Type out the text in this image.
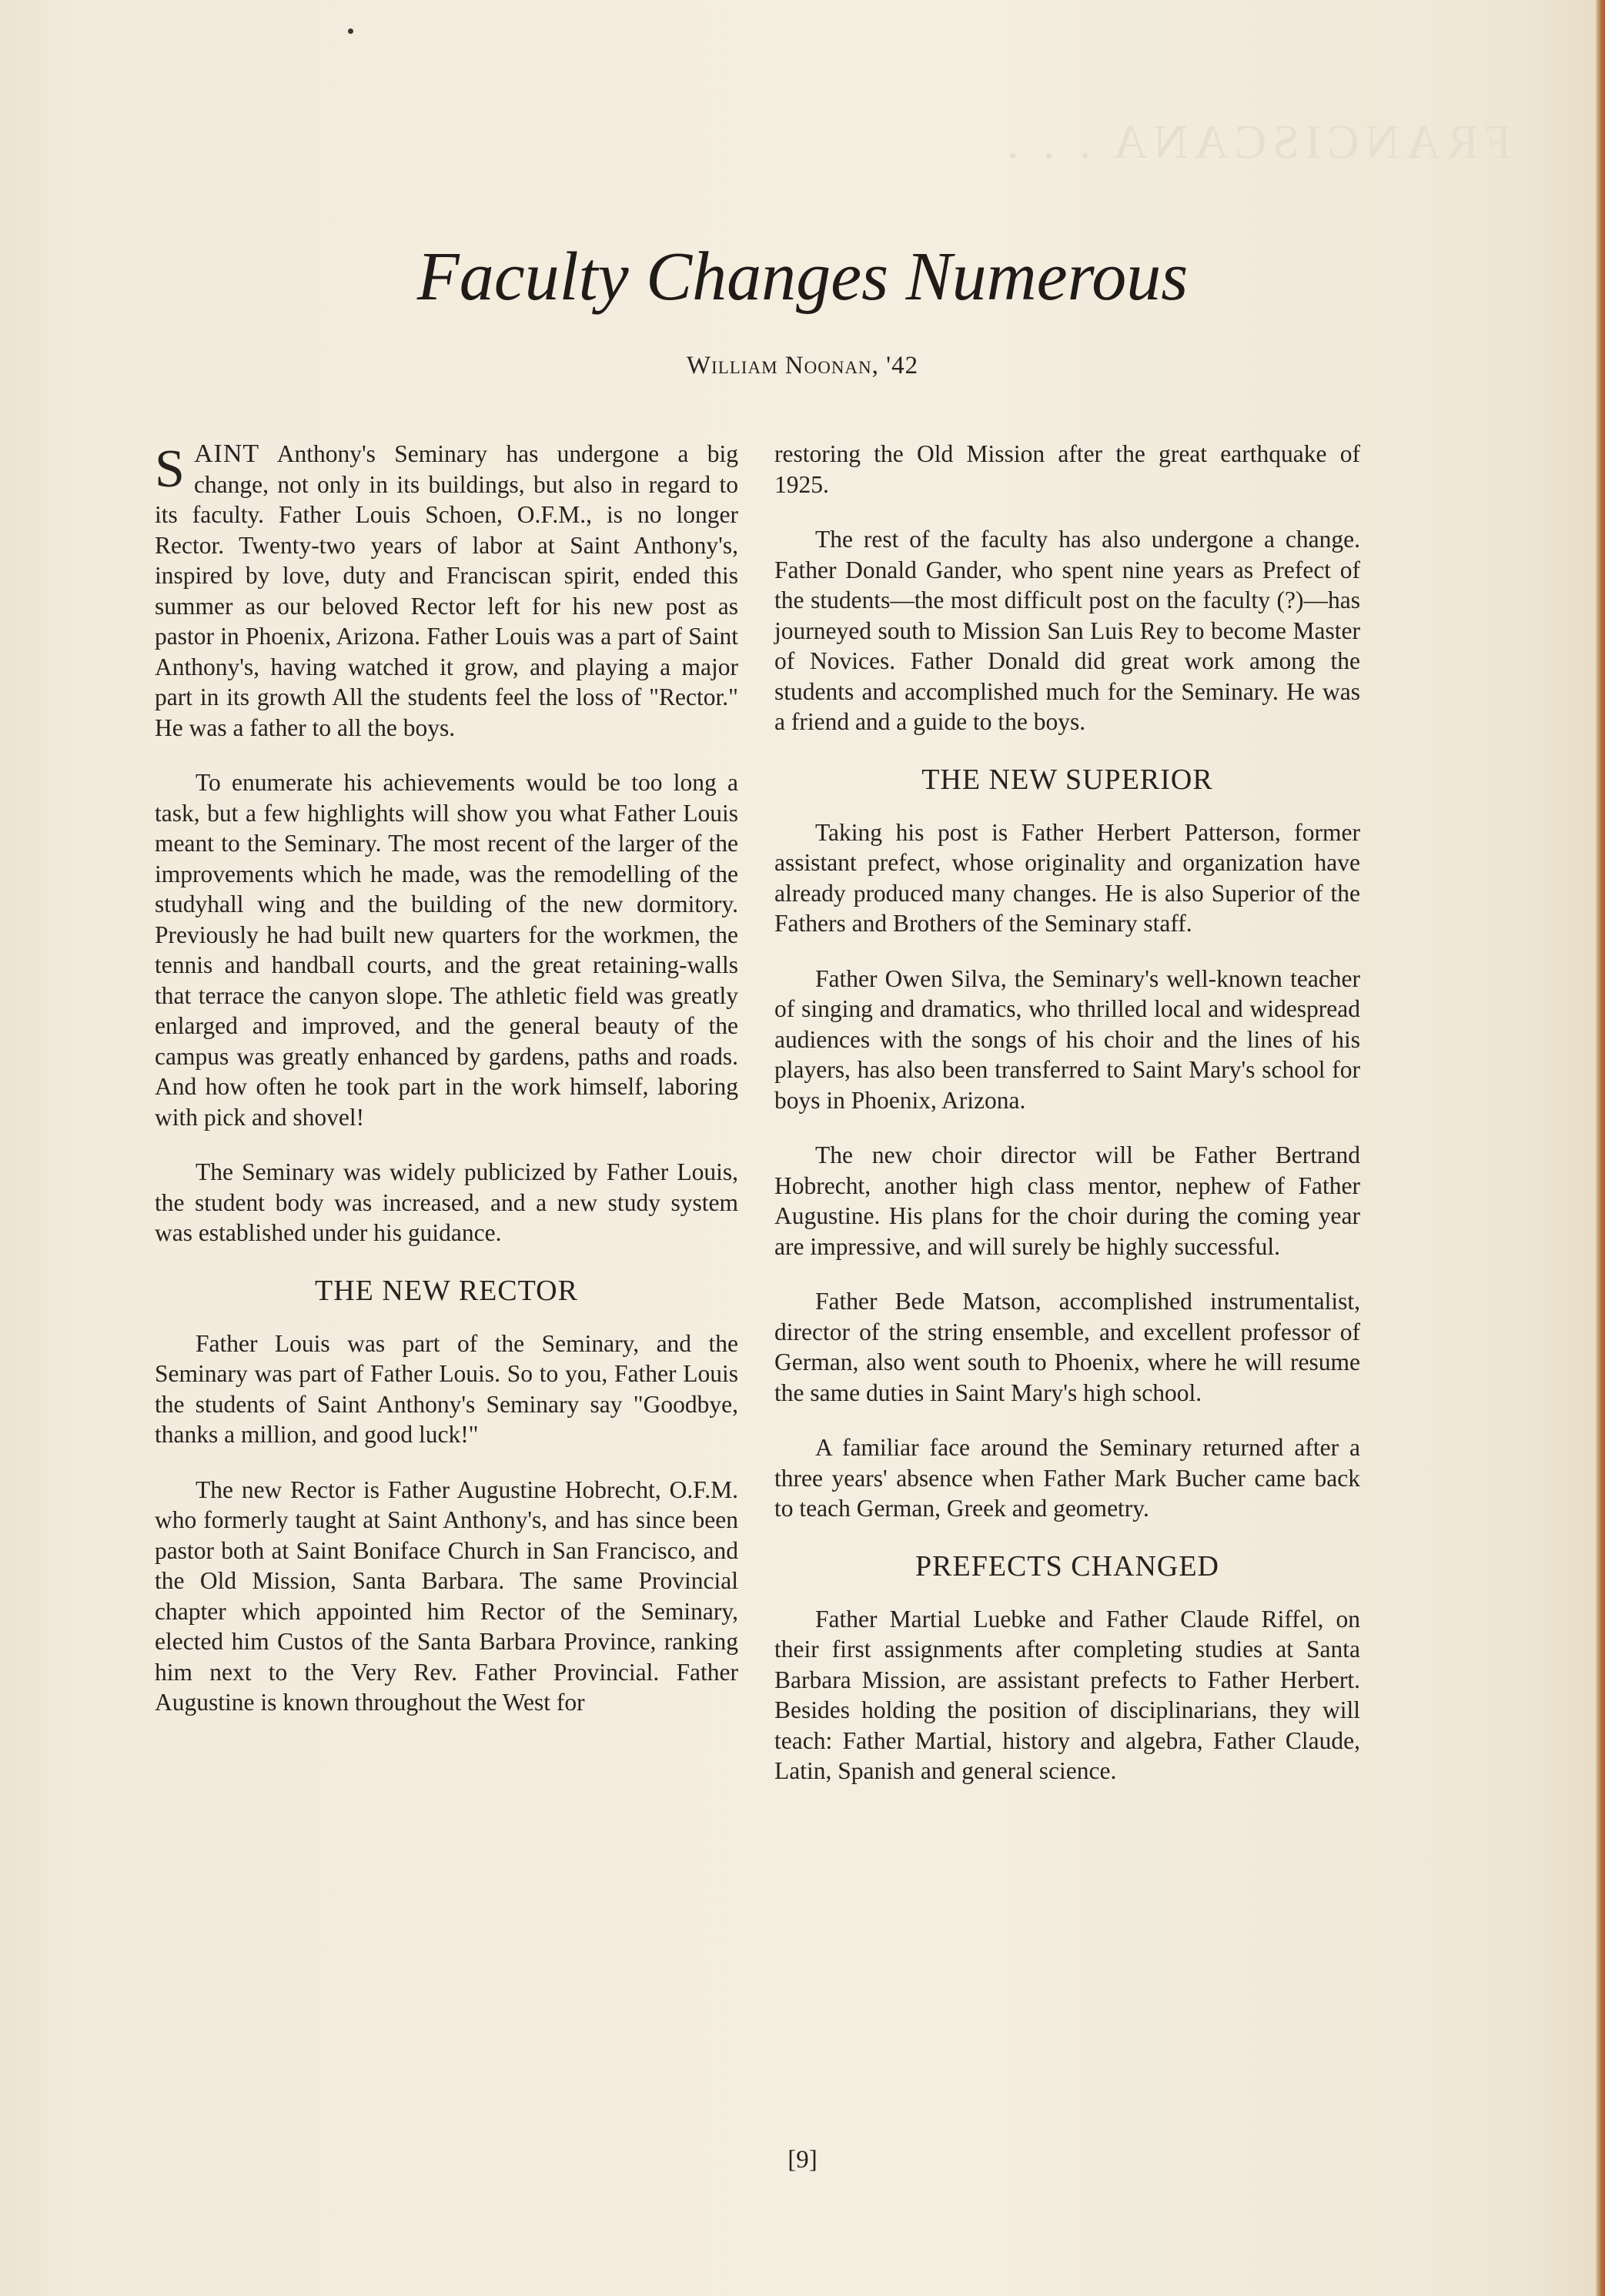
FRANCISCANA . . .
Faculty Changes Numerous
William Noonan, '42

SAINT Anthony's Seminary has undergone a big change, not only in its buildings, but also in regard to its faculty. Father Louis Schoen, O.F.M., is no longer Rector. Twenty-two years of labor at Saint Anthony's, inspired by love, duty and Franciscan spirit, ended this summer as our beloved Rector left for his new post as pastor in Phoenix, Arizona. Father Louis was a part of Saint Anthony's, having watched it grow, and playing a major part in its growth All the students feel the loss of "Rector." He was a father to all the boys.

To enumerate his achievements would be too long a task, but a few highlights will show you what Father Louis meant to the Seminary. The most recent of the larger of the improvements which he made, was the remodelling of the studyhall wing and the building of the new dormitory. Previously he had built new quarters for the workmen, the tennis and handball courts, and the great retaining-walls that terrace the canyon slope. The athletic field was greatly enlarged and improved, and the general beauty of the campus was greatly enhanced by gardens, paths and roads. And how often he took part in the work himself, laboring with pick and shovel!

The Seminary was widely publicized by Father Louis, the student body was increased, and a new study system was established under his guidance.

THE NEW RECTOR

Father Louis was part of the Seminary, and the Seminary was part of Father Louis. So to you, Father Louis the students of Saint Anthony's Seminary say "Goodbye, thanks a million, and good luck!"

The new Rector is Father Augustine Hobrecht, O.F.M. who formerly taught at Saint Anthony's, and has since been pastor both at Saint Boniface Church in San Francisco, and the Old Mission, Santa Barbara. The same Provincial chapter which appointed him Rector of the Seminary, elected him Custos of the Santa Barbara Province, ranking him next to the Very Rev. Father Provincial. Father Augustine is known throughout the West for

restoring the Old Mission after the great earthquake of 1925.

The rest of the faculty has also undergone a change. Father Donald Gander, who spent nine years as Prefect of the students—the most difficult post on the faculty (?)—has journeyed south to Mission San Luis Rey to become Master of Novices. Father Donald did great work among the students and accomplished much for the Seminary. He was a friend and a guide to the boys.

THE NEW SUPERIOR

Taking his post is Father Herbert Patterson, former assistant prefect, whose originality and organization have already produced many changes. He is also Superior of the Fathers and Brothers of the Seminary staff.

Father Owen Silva, the Seminary's well-known teacher of singing and dramatics, who thrilled local and widespread audiences with the songs of his choir and the lines of his players, has also been transferred to Saint Mary's school for boys in Phoenix, Arizona.

The new choir director will be Father Bertrand Hobrecht, another high class mentor, nephew of Father Augustine. His plans for the choir during the coming year are impressive, and will surely be highly successful.

Father Bede Matson, accomplished instrumentalist, director of the string ensemble, and excellent professor of German, also went south to Phoenix, where he will resume the same duties in Saint Mary's high school.

A familiar face around the Seminary returned after a three years' absence when Father Mark Bucher came back to teach German, Greek and geometry.

PREFECTS CHANGED

Father Martial Luebke and Father Claude Riffel, on their first assignments after completing studies at Santa Barbara Mission, are assistant prefects to Father Herbert. Besides holding the position of disciplinarians, they will teach: Father Martial, history and algebra, Father Claude, Latin, Spanish and general science.

[9]
